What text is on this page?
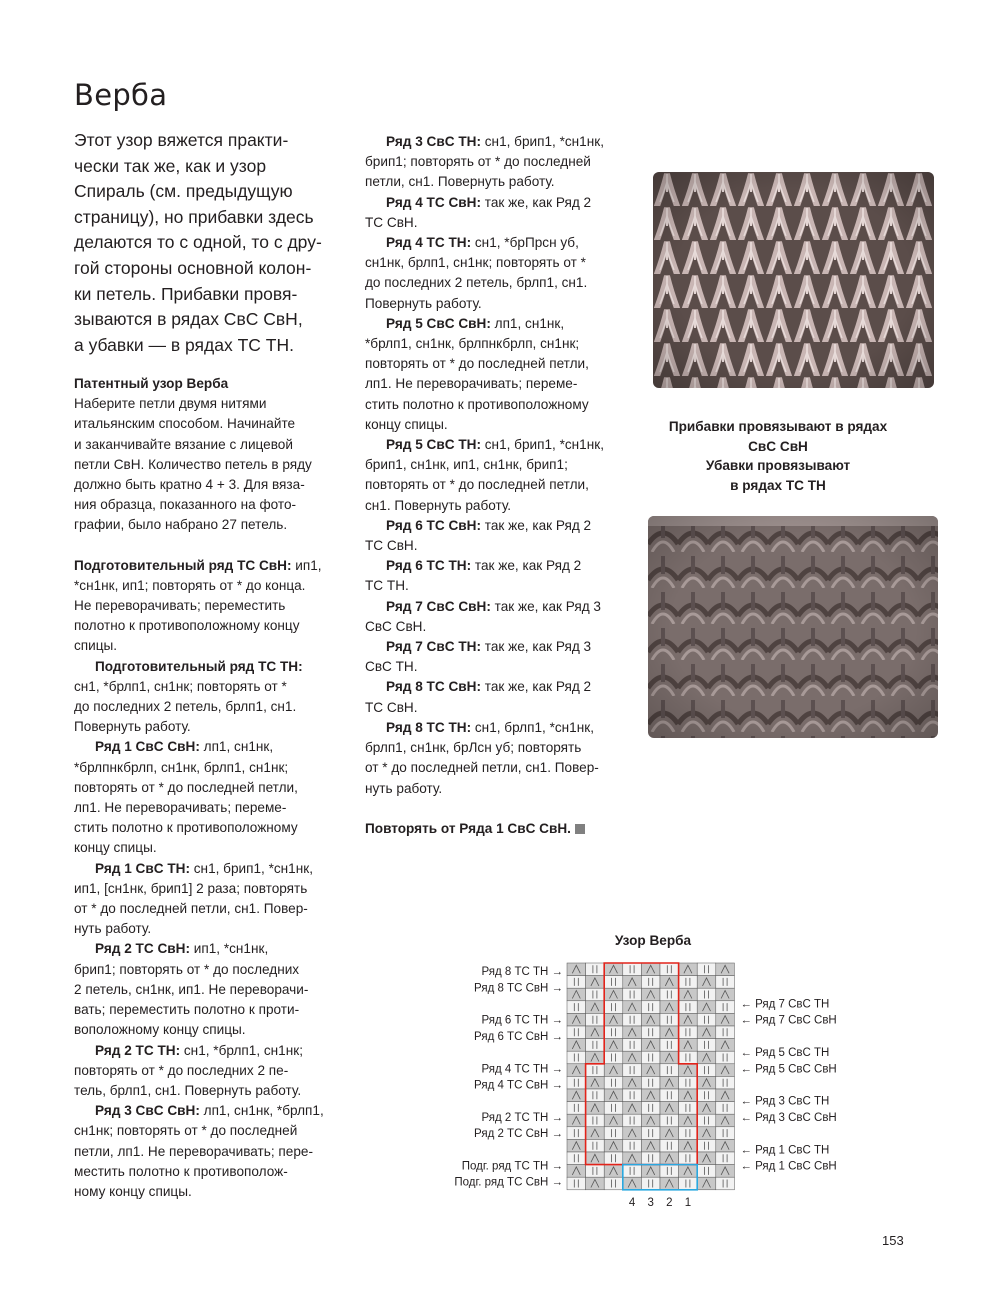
Верба
Этот узор вяжется практи-
чески так же, как и узор
Спираль (см. предыдущую
страницу), но прибавки здесь
делаются то с одной, то с дру-
гой стороны основной колон-
ки петель. Прибавки провя-
зываются в рядах СвС СвН,
а убавки — в рядах ТС ТН.
Патентный узор Верба
Наберите петли двумя нитями
итальянским способом. Начинайте
и заканчивайте вязание с лицевой
петли СвН. Количество петель в ряду
должно быть кратно 4 + 3. Для вяза-
ния образца, показанного на фото-
графии, было набрано 27 петель.
Подготовительный ряд ТС СвН: ип1,
*сн1нк, ип1; повторять от * до конца.
Не переворачивать; переместить
полотно к противоположному концу
спицы.
Подготовительный ряд ТС ТН:
сн1, *брлп1, сн1нк; повторять от *
до последних 2 петель, брлп1, сн1.
Повернуть работу.
Ряд 1 СвС СвН: лп1, сн1нк,
*брлпнкбрлп, сн1нк, брлп1, сн1нк;
повторять от * до последней петли,
лп1. Не переворачивать; переме-
стить полотно к противоположному
концу спицы.
Ряд 1 СвС ТН: сн1, брип1, *сн1нк,
ип1, [сн1нк, брип1] 2 раза; повторять
от * до последней петли, сн1. Повер-
нуть работу.
Ряд 2 ТС СвН: ип1, *сн1нк,
брип1; повторять от * до последних
2 петель, сн1нк, ип1. Не переворачи-
вать; переместить полотно к проти-
воположному концу спицы.
Ряд 2 ТС ТН: сн1, *брлп1, сн1нк;
повторять от * до последних 2 пе-
тель, брлп1, сн1. Повернуть работу.
Ряд 3 СвС СвН: лп1, сн1нк, *брлп1,
сн1нк; повторять от * до последней
петли, лп1. Не переворачивать; пере-
местить полотно к противополож-
ному концу спицы.
Ряд 3 СвС ТН: сн1, брип1, *сн1нк,
брип1; повторять от * до последней
петли, сн1. Повернуть работу.
Ряд 4 ТС СвН: так же, как Ряд 2
ТС СвН.
Ряд 4 ТС ТН: сн1, *брПрсн уб,
сн1нк, брлп1, сн1нк; повторять от *
до последних 2 петель, брлп1, сн1.
Повернуть работу.
Ряд 5 СвС СвН: лп1, сн1нк,
*брлп1, сн1нк, брлпнкбрлп, сн1нк;
повторять от * до последней петли,
лп1. Не переворачивать; переме-
стить полотно к противоположному
концу спицы.
Ряд 5 СвС ТН: сн1, брип1, *сн1нк,
брип1, сн1нк, ип1, сн1нк, брип1;
повторять от * до последней петли,
сн1. Повернуть работу.
Ряд 6 ТС СвН: так же, как Ряд 2
ТС СвН.
Ряд 6 ТС ТН: так же, как Ряд 2
ТС ТН.
Ряд 7 СвС СвН: так же, как Ряд 3
СвС СвН.
Ряд 7 СвС ТН: так же, как Ряд 3
СвС ТН.
Ряд 8 ТС СвН: так же, как Ряд 2
ТС СвН.
Ряд 8 ТС ТН: сн1, брлп1, *сн1нк,
брлп1, сн1нк, брЛсн уб; повторять
от * до последней петли, сн1. Повер-
нуть работу.
Повторять от Ряда 1 СвС СвН.
Прибавки провязывают в рядах
СвС СвН
Убавки провязывают
в рядах ТС ТН
Узор Верба
Ряд 8 ТС ТН →
Ряд 8 ТС СвН →
Ряд 6 ТС ТН →
Ряд 6 ТС СвН →
Ряд 4 ТС ТН →
Ряд 4 ТС СвН →
Ряд 2 ТС ТН →
Ряд 2 ТС СвН →
Подг. ряд ТС ТН →
Подг. ряд ТС СвН →
← Ряд 7 СвС ТН
← Ряд 7 СвС СвН
← Ряд 5 СвС ТН
← Ряд 5 СвС СвН
← Ряд 3 СвС ТН
← Ряд 3 СвС СвН
← Ряд 1 СвС ТН
← Ряд 1 СвС СвН
4 3 2 1
153
